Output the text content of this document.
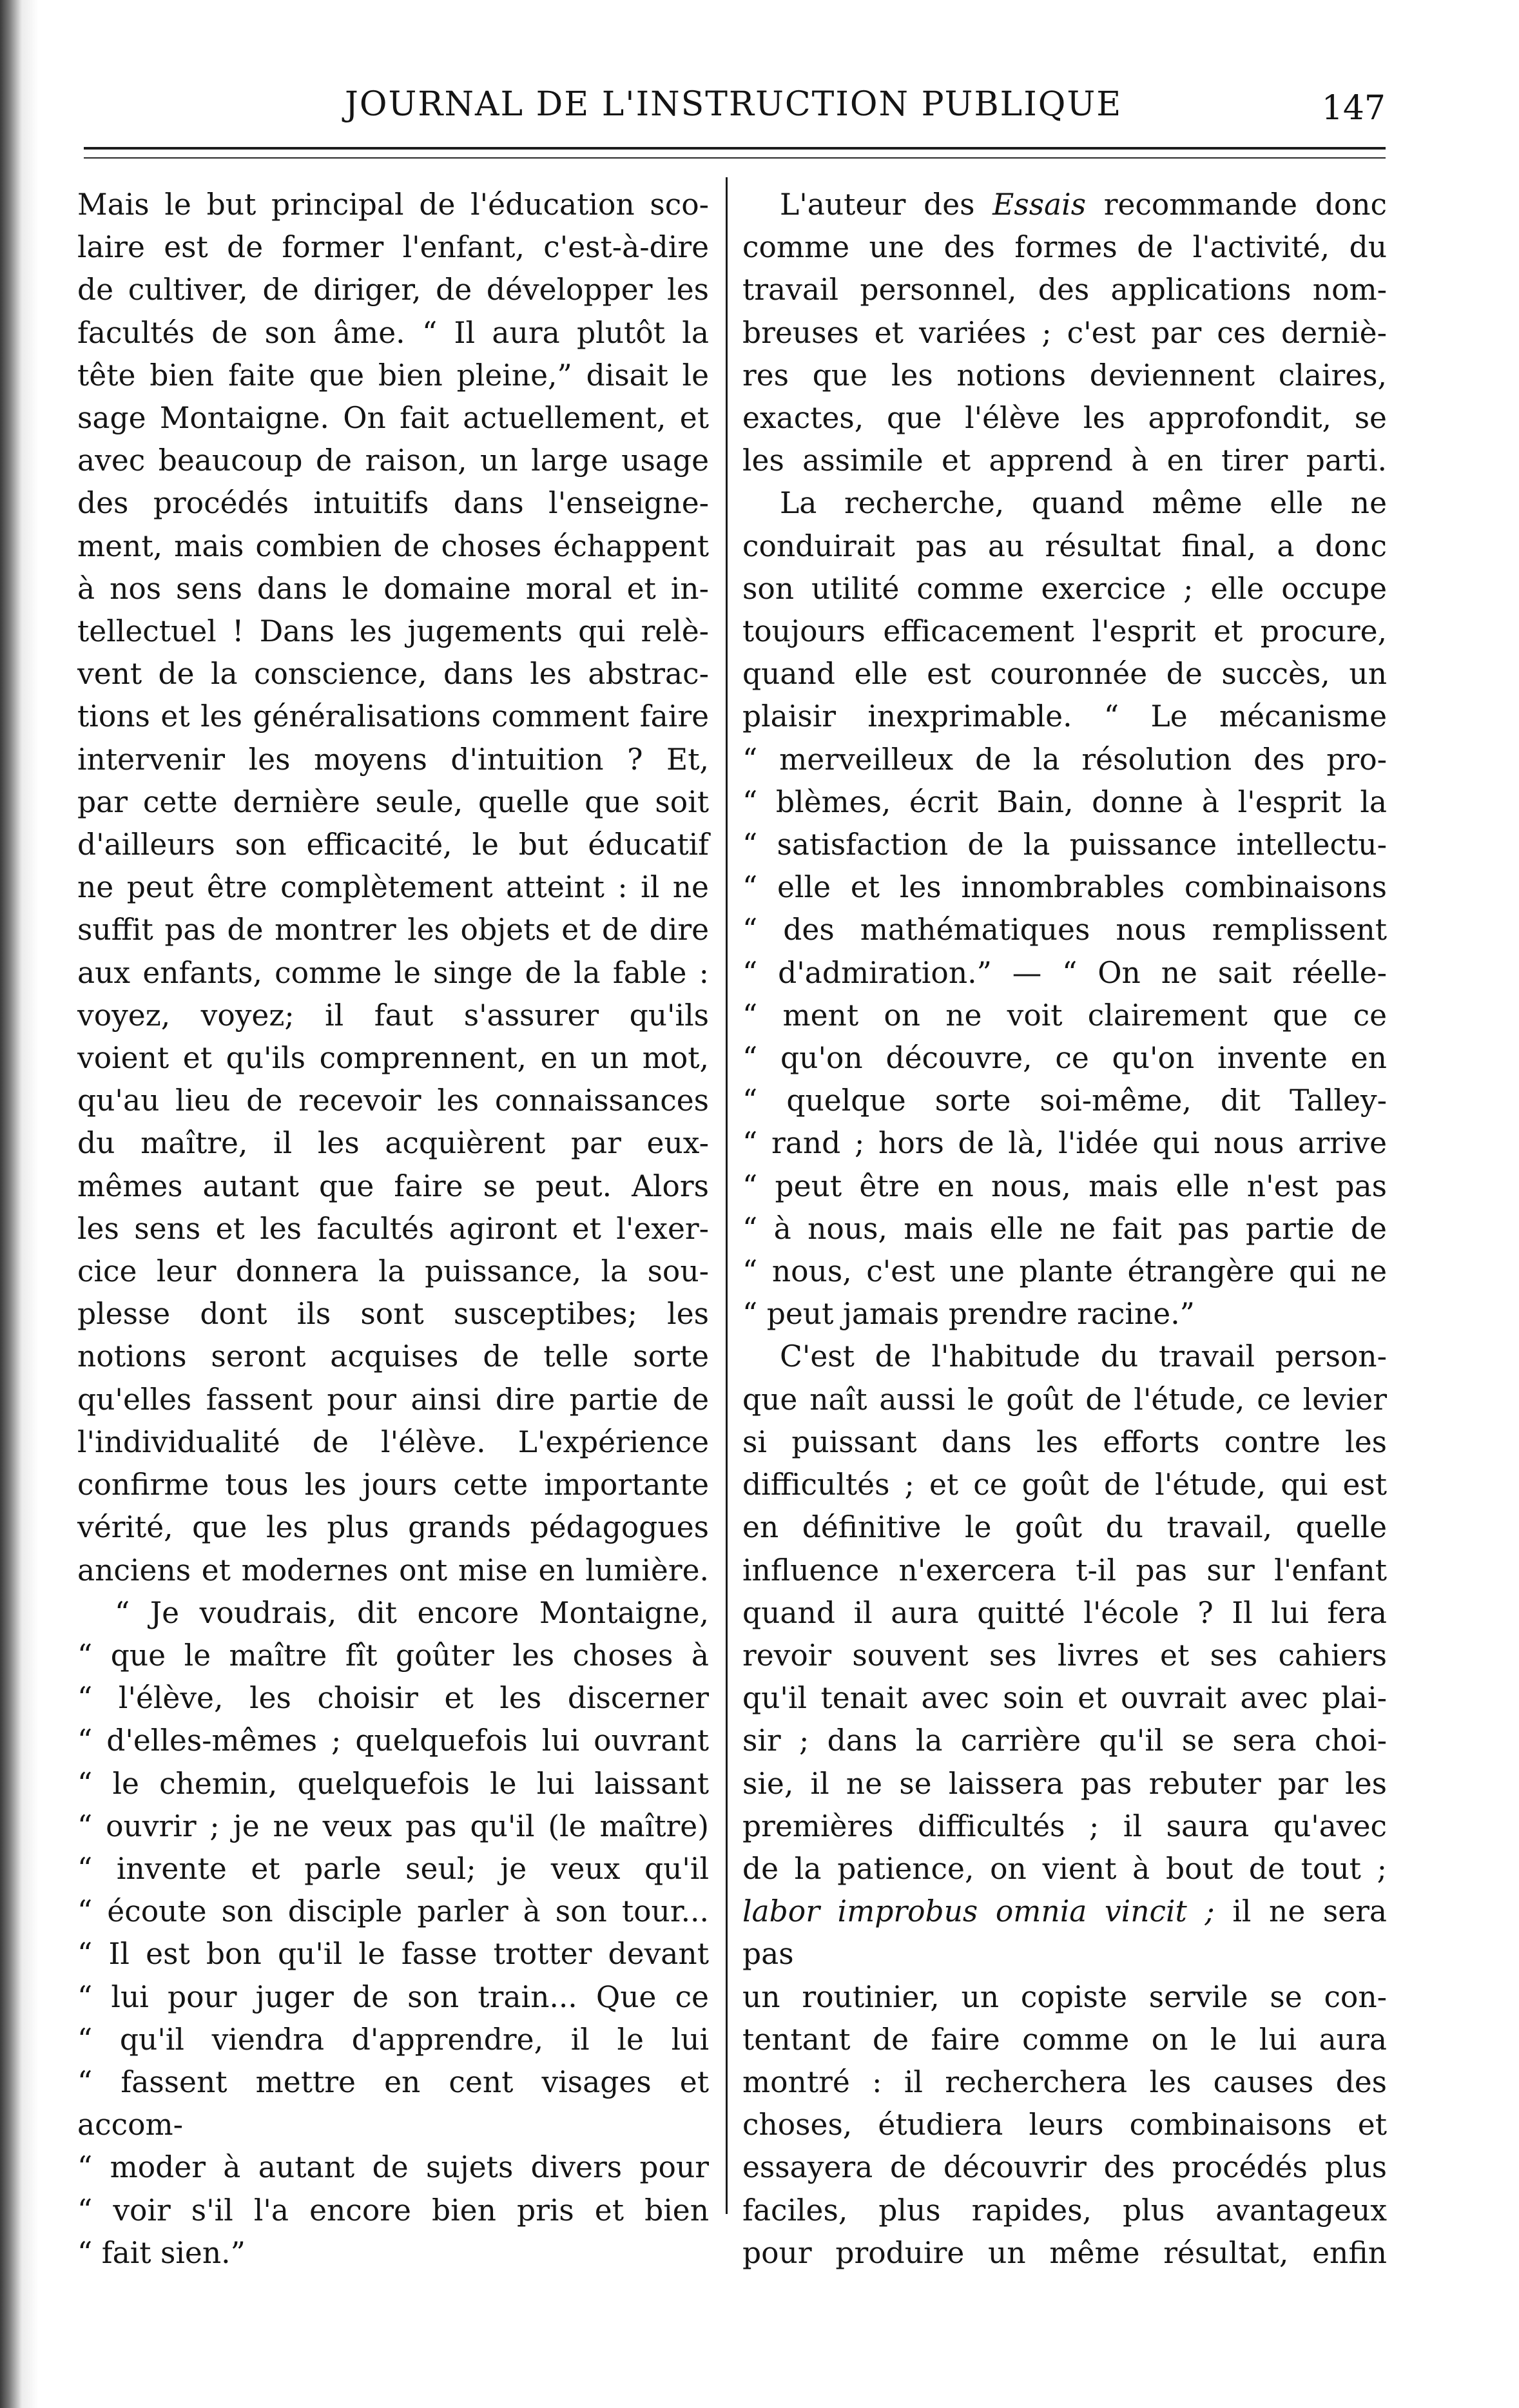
JOURNAL DE L'INSTRUCTION PUBLIQUE	147
Mais le but principal de l'éducation sco-
laire est de former l'enfant, c'est-à-dire
de cultiver, de diriger, de développer les
facultés de son âme. “ Il aura plutôt la
tête bien faite que bien pleine,” disait le
sage Montaigne. On fait actuellement, et
avec beaucoup de raison, un large usage
des procédés intuitifs dans l'enseigne-
ment, mais combien de choses échappent
à nos sens dans le domaine moral et in-
tellectuel ! Dans les jugements qui relè-
vent de la conscience, dans les abstrac-
tions et les généralisations comment faire
intervenir les moyens d'intuition ? Et,
par cette dernière seule, quelle que soit
d'ailleurs son efficacité, le but éducatif
ne peut être complètement atteint : il ne
suffit pas de montrer les objets et de dire
aux enfants, comme le singe de la fable :
voyez, voyez; il faut s'assurer qu'ils
voient et qu'ils comprennent, en un mot,
qu'au lieu de recevoir les connaissances
du maître, il les acquièrent par eux-
mêmes autant que faire se peut. Alors
les sens et les facultés agiront et l'exer-
cice leur donnera la puissance, la sou-
plesse dont ils sont susceptibes; les
notions seront acquises de telle sorte
qu'elles fassent pour ainsi dire partie de
l'individualité de l'élève. L'expérience
confirme tous les jours cette importante
vérité, que les plus grands pédagogues
anciens et modernes ont mise en lumière.
“ Je voudrais, dit encore Montaigne,
“ que le maître fît goûter les choses à
“ l'élève, les choisir et les discerner
“ d'elles-mêmes ; quelquefois lui ouvrant
“ le chemin, quelquefois le lui laissant
“ ouvrir ; je ne veux pas qu'il (le maître)
“ invente et parle seul; je veux qu'il
“ écoute son disciple parler à son tour...
“ Il est bon qu'il le fasse trotter devant
“ lui pour juger de son train... Que ce
“ qu'il viendra d'apprendre, il le lui
“ fassent mettre en cent visages et accom-
“ moder à autant de sujets divers pour
“ voir s'il l'a encore bien pris et bien
“ fait sien.”
L'auteur des Essais recommande donc
comme une des formes de l'activité, du
travail personnel, des applications nom-
breuses et variées ; c'est par ces derniè-
res que les notions deviennent claires,
exactes, que l'élève les approfondit, se
les assimile et apprend à en tirer parti.
La recherche, quand même elle ne
conduirait pas au résultat final, a donc
son utilité comme exercice ; elle occupe
toujours efficacement l'esprit et procure,
quand elle est couronnée de succès, un
plaisir inexprimable. “ Le mécanisme
“ merveilleux de la résolution des pro-
“ blèmes, écrit Bain, donne à l'esprit la
“ satisfaction de la puissance intellectu-
“ elle et les innombrables combinaisons
“ des mathématiques nous remplissent
“ d'admiration.” — “ On ne sait réelle-
“ ment on ne voit clairement que ce
“ qu'on découvre, ce qu'on invente en
“ quelque sorte soi-même, dit Talley-
“ rand ; hors de là, l'idée qui nous arrive
“ peut être en nous, mais elle n'est pas
“ à nous, mais elle ne fait pas partie de
“ nous, c'est une plante étrangère qui ne
“ peut jamais prendre racine.”
C'est de l'habitude du travail person-
que naît aussi le goût de l'étude, ce levier
si puissant dans les efforts contre les
difficultés ; et ce goût de l'étude, qui est
en définitive le goût du travail, quelle
influence n'exercera t-il pas sur l'enfant
quand il aura quitté l'école ? Il lui fera
revoir souvent ses livres et ses cahiers
qu'il tenait avec soin et ouvrait avec plai-
sir ; dans la carrière qu'il se sera choi-
sie, il ne se laissera pas rebuter par les
premières difficultés ; il saura qu'avec
de la patience, on vient à bout de tout ;
labor improbus omnia vincit ; il ne sera pas
un routinier, un copiste servile se con-
tentant de faire comme on le lui aura
montré : il recherchera les causes des
choses, étudiera leurs combinaisons et
essayera de découvrir des procédés plus
faciles, plus rapides, plus avantageux
pour produire un même résultat, enfin
